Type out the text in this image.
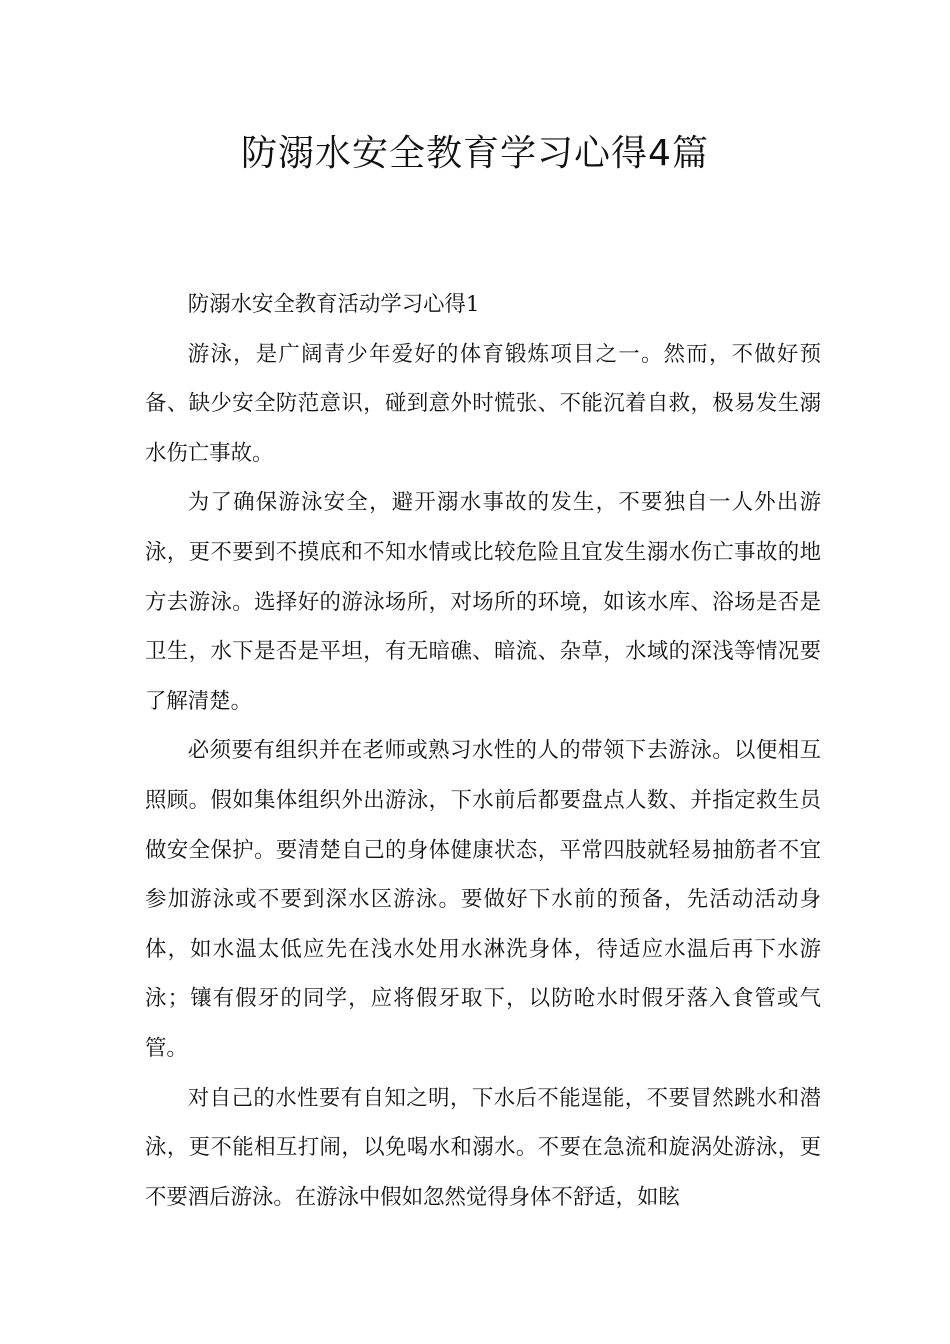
防溺水安全教育学习心得4篇

防溺水安全教育活动学习心得1

游泳，是广阔青少年爱好的体育锻炼项目之一。然而，不做好预备、缺少安全防范意识，碰到意外时慌张、不能沉着自救，极易发生溺水伤亡事故。

为了确保游泳安全，避开溺水事故的发生，不要独自一人外出游泳，更不要到不摸底和不知水情或比较危险且宜发生溺水伤亡事故的地方去游泳。选择好的游泳场所，对场所的环境，如该水库、浴场是否是卫生，水下是否是平坦，有无暗礁、暗流、杂草，水域的深浅等情况要了解清楚。

必须要有组织并在老师或熟习水性的人的带领下去游泳。以便相互照顾。假如集体组织外出游泳，下水前后都要盘点人数、并指定救生员做安全保护。要清楚自己的身体健康状态，平常四肢就轻易抽筋者不宜参加游泳或不要到深水区游泳。要做好下水前的预备，先活动活动身体，如水温太低应先在浅水处用水淋洗身体，待适应水温后再下水游泳；镶有假牙的同学，应将假牙取下，以防呛水时假牙落入食管或气管。

对自己的水性要有自知之明，下水后不能逞能，不要冒然跳水和潜泳，更不能相互打闹，以免喝水和溺水。不要在急流和旋涡处游泳，更不要酒后游泳。在游泳中假如忽然觉得身体不舒适，如眩
